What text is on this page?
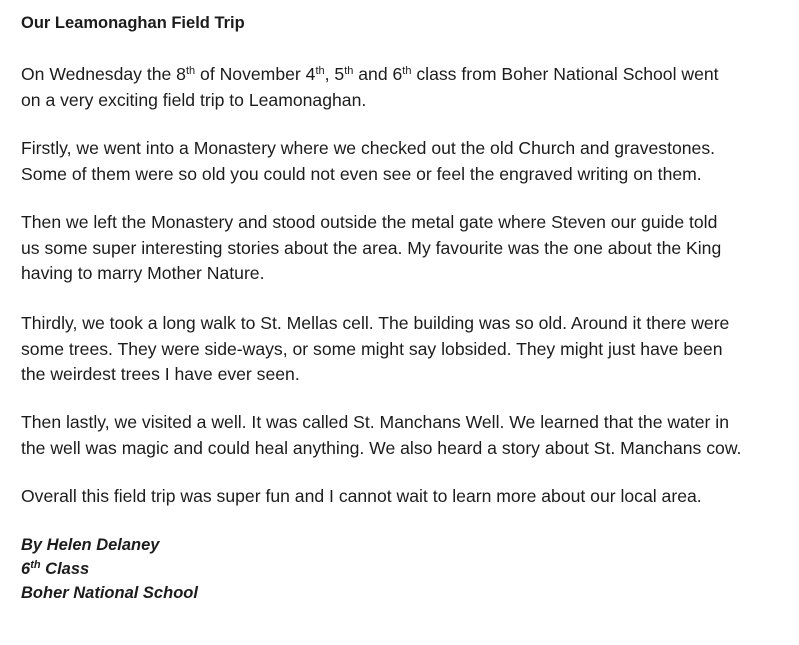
Our Leamonaghan Field Trip

On Wednesday the 8th of November 4th, 5th and 6th class from Boher National School went
on a very exciting field trip to Leamonaghan.

Firstly, we went into a Monastery where we checked out the old Church and gravestones.
Some of them were so old you could not even see or feel the engraved writing on them.

Then we left the Monastery and stood outside the metal gate where Steven our guide told
us some super interesting stories about the area. My favourite was the one about the King
having to marry Mother Nature.

Thirdly, we took a long walk to St. Mellas cell. The building was so old. Around it there were
some trees. They were side-ways, or some might say lobsided. They might just have been
the weirdest trees I have ever seen.

Then lastly, we visited a well. It was called St. Manchans Well. We learned that the water in
the well was magic and could heal anything. We also heard a story about St. Manchans cow.

Overall this field trip was super fun and I cannot wait to learn more about our local area.

By Helen Delaney
6th Class
Boher National School
